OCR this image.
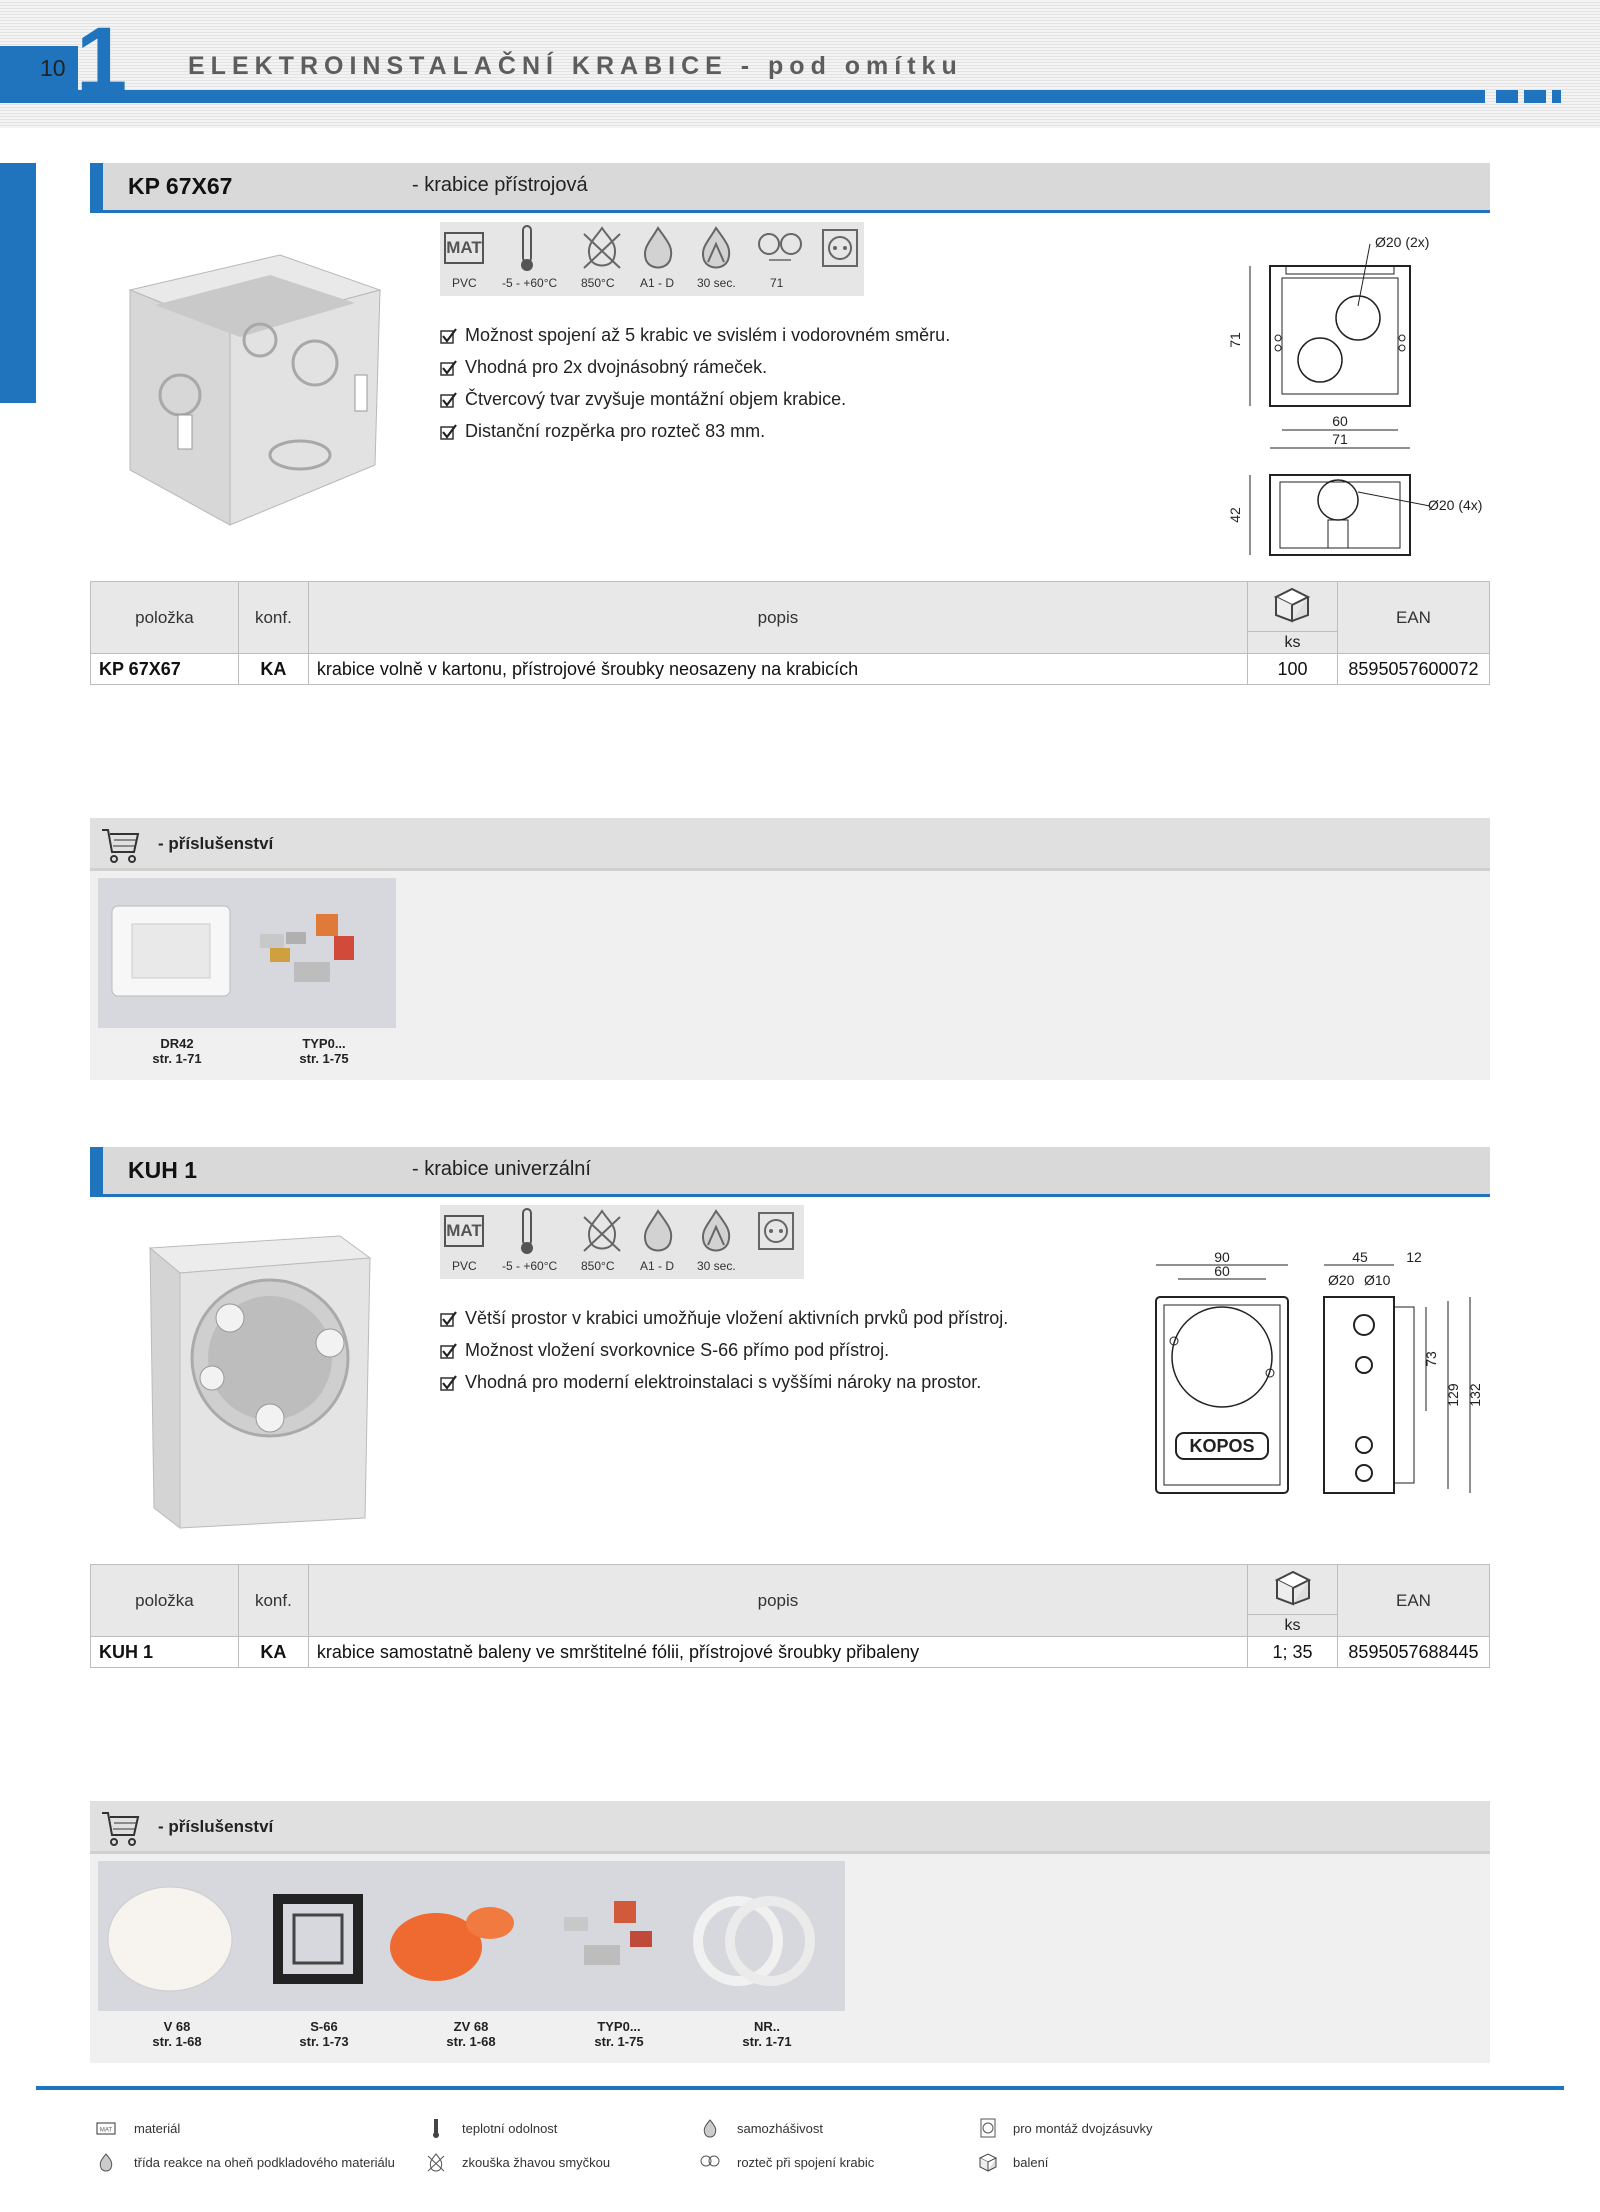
10 1 ELEKTROINSTALAČNÍ KRABICE - pod omítku
KP 67X67	- krabice přístrojová
MAT
PVC -5 - +60°C 850°C A1 - D 30 sec.	71
Možnost spojení až 5 krabic ve svislém i vodorovném směru.
Vhodná pro 2x dvojnásobný rámeček.
Čtvercový tvar zvyšuje montážní objem krabice.
Distanční rozpěrka pro rozteč 83 mm.
Ø20 (2x)
71
60
71
Ø20 (4x)
42
položka	konf.	popis		EAN
			ks	
KP 67X67	KA	krabice volně v kartonu, přístrojové šroubky neosazeny na krabicích	100	8595057600072
- příslušenství
DR42
str. 1-71
TYP0...
str. 1-75
KUH 1	- krabice univerzální
MAT
PVC -5 - +60°C 850°C A1 - D 30 sec.
Větší prostor v krabici umožňuje vložení aktivních prvků pod přístroj.
Možnost vložení svorkovnice S-66 přímo pod přístroj.
Vhodná pro moderní elektroinstalaci s vyššími nároky na prostor.
90
60
KOPOS
45	12
Ø20 Ø10
73
129 132
položka	konf.	popis		EAN
			ks	
KUH 1	KA	krabice samostatně baleny ve smrštitelné fólii, přístrojové šroubky přibaleny	1; 35	8595057688445
- příslušenství
V 68
str. 1-68
S-66
str. 1-73
ZV 68
str. 1-68
TYP0...
str. 1-75
NR..
str. 1-71
MAT materiál	teplotní odolnost	samozhášivost	pro montáž dvojzásuvky
třída reakce na oheň podkladového materiálu	zkouška žhavou smyčkou	rozteč při spojení krabic	balení
